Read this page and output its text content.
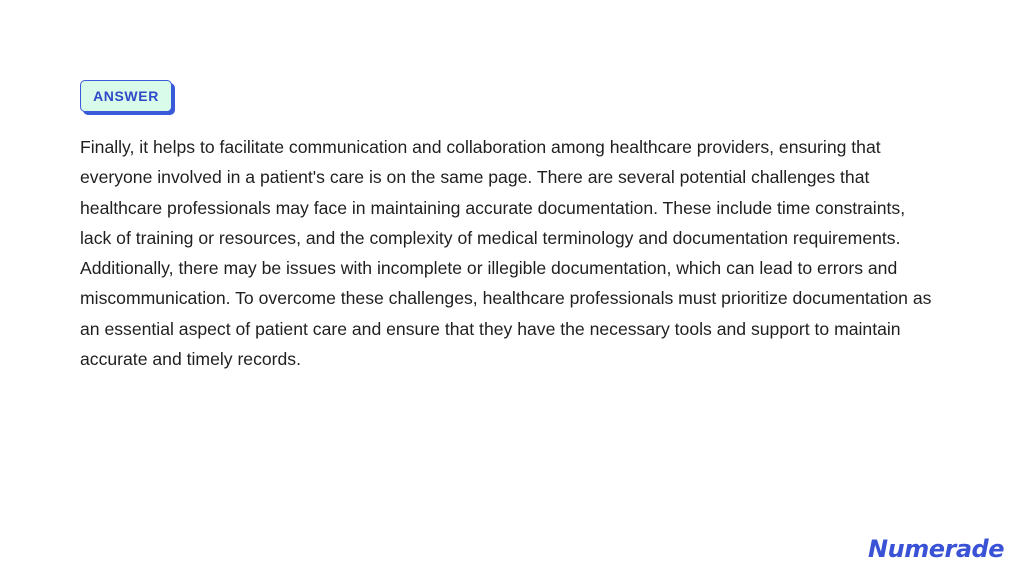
ANSWER

Finally, it helps to facilitate communication and collaboration among healthcare providers, ensuring that everyone involved in a patient's care is on the same page. There are several potential challenges that healthcare professionals may face in maintaining accurate documentation. These include time constraints, lack of training or resources, and the complexity of medical terminology and documentation requirements. Additionally, there may be issues with incomplete or illegible documentation, which can lead to errors and miscommunication. To overcome these challenges, healthcare professionals must prioritize documentation as an essential aspect of patient care and ensure that they have the necessary tools and support to maintain accurate and timely records.

Numerade
